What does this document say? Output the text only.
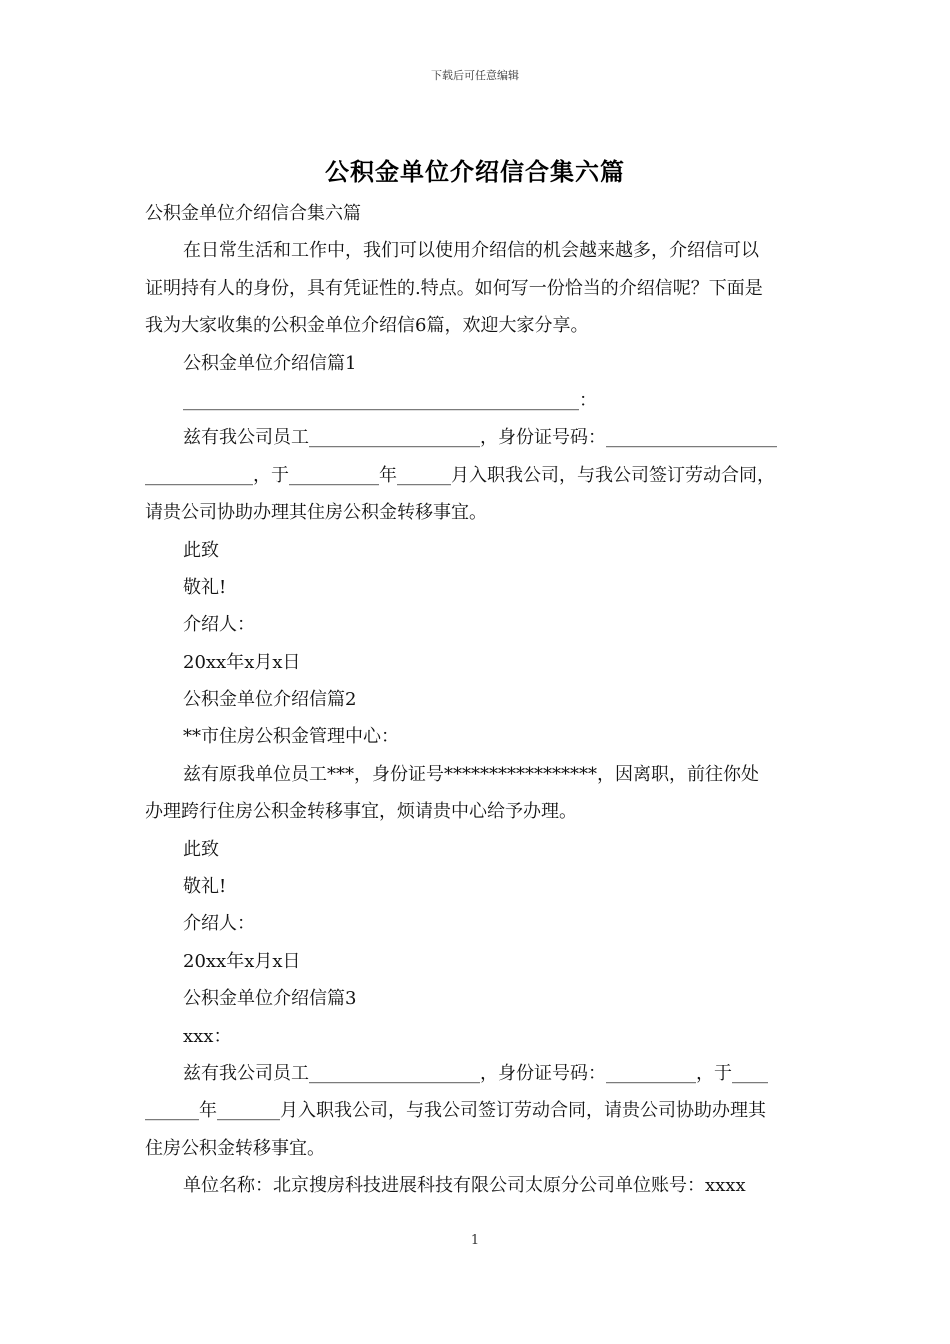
下载后可任意编辑
公积金单位介绍信合集六篇
公积金单位介绍信合集六篇
在日常生活和工作中，我们可以使用介绍信的机会越来越多，介绍信可以
证明持有人的身份，具有凭证性的.特点。如何写一份恰当的介绍信呢？下面是
我为大家收集的公积金单位介绍信6篇，欢迎大家分享。
公积金单位介绍信篇1
____________________________________________：
兹有我公司员工___________________，身份证号码：___________________
____________，于__________年______月入职我公司，与我公司签订劳动合同，
请贵公司协助办理其住房公积金转移事宜。
此致
敬礼!
介绍人：
20xx年x月x日
公积金单位介绍信篇2
**市住房公积金管理中心：
兹有原我单位员工***，身份证号*****************，因离职，前往你处
办理跨行住房公积金转移事宜，烦请贵中心给予办理。
此致
敬礼!
介绍人：
20xx年x月x日
公积金单位介绍信篇3
xxx：
兹有我公司员工___________________，身份证号码：__________，于____
______年_______月入职我公司，与我公司签订劳动合同，请贵公司协助办理其
住房公积金转移事宜。
单位名称：北京搜房科技进展科技有限公司太原分公司单位账号：xxxx
1
